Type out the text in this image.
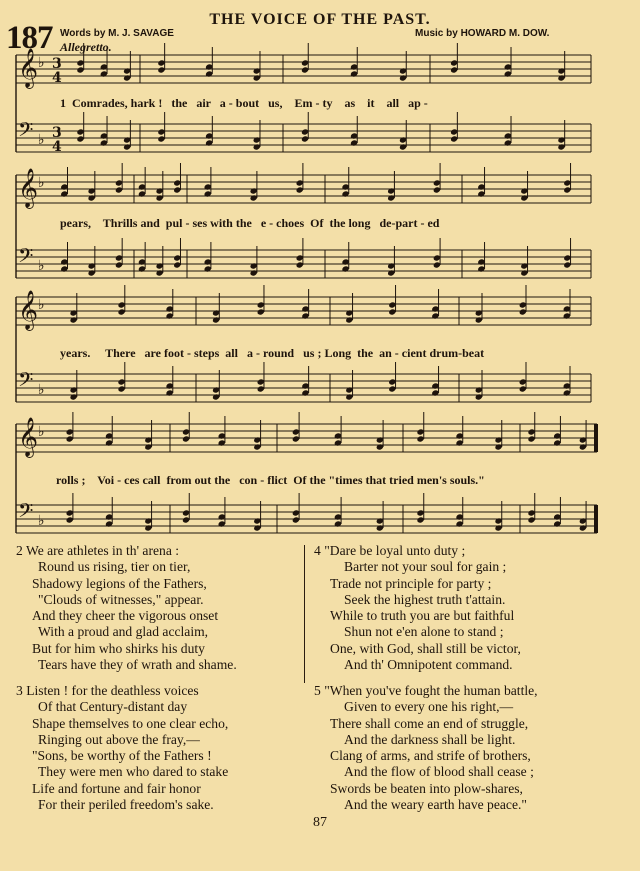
187 Words by M. J. SAVAGE
Allegretto.
THE VOICE OF THE PAST.
Music by HOWARD M. DOW.
𝄞 ♭ 3
4
𝄢 ♭ 3
4
𝄞 ♭
𝄢 ♭
𝄞 ♭
𝄢 ♭
𝄞 ♭
𝄢 ♭
1  Comrades, hark !   the   air   a - bout   us,    Em - ty    as    it    all   ap -
pears,    Thrills and  pul - ses with the   e - choes  Of  the long   de-part - ed
years.     There   are foot - steps  all   a - round   us ; Long  the  an - cient drum-beat
rolls ;    Voi - ces call  from out the   con - flict  Of the "times that tried men's souls."
2 We are athletes in th' arena :
Round us rising, tier on tier,
Shadowy legions of the Fathers,
"Clouds of witnesses," appear.
And they cheer the vigorous onset
With a proud and glad acclaim,
But for him who shirks his duty
Tears have they of wrath and shame.
3 Listen ! for the deathless voices
Of that Century-distant day
Shape themselves to one clear echo,
Ringing out above the fray,—
"Sons, be worthy of the Fathers !
They were men who dared to stake
Life and fortune and fair honor
For their periled freedom's sake.
4 "Dare be loyal unto duty ;
Barter not your soul for gain ;
Trade not principle for party ;
Seek the highest truth t'attain.
While to truth you are but faithful
Shun not e'en alone to stand ;
One, with God, shall still be victor,
And th' Omnipotent command.
5 "When you've fought the human battle,
Given to every one his right,—
There shall come an end of struggle,
And the darkness shall be light.
Clang of arms, and strife of brothers,
And the flow of blood shall cease ;
Swords be beaten into plow-shares,
And the weary earth have peace."
87
